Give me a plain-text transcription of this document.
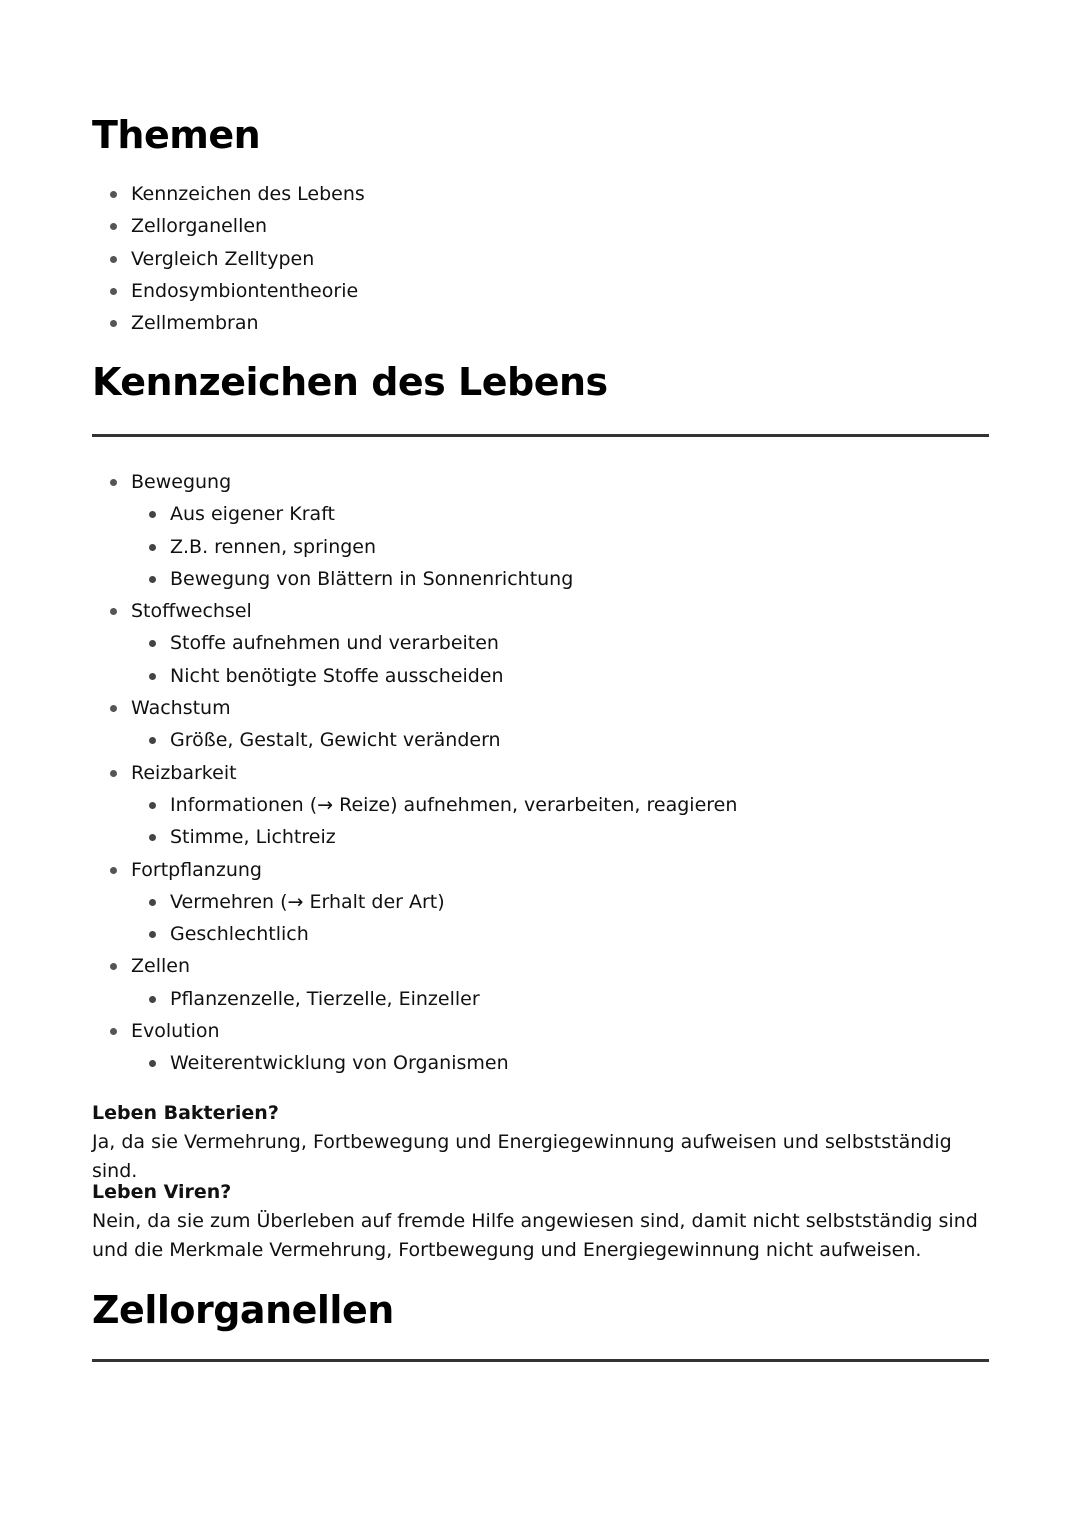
Themen
Kennzeichen des Lebens
Zellorganellen
Vergleich Zelltypen
Endosymbiontentheorie
Zellmembran
Kennzeichen des Lebens
Bewegung
Aus eigener Kraft
Z.B. rennen, springen
Bewegung von Blättern in Sonnenrichtung
Stoffwechsel
Stoffe aufnehmen und verarbeiten
Nicht benötigte Stoffe ausscheiden
Wachstum
Größe, Gestalt, Gewicht verändern
Reizbarkeit
Informationen (→ Reize) aufnehmen, verarbeiten, reagieren
Stimme, Lichtreiz
Fortpflanzung
Vermehren (→ Erhalt der Art)
Geschlechtlich
Zellen
Pflanzenzelle, Tierzelle, Einzeller
Evolution
Weiterentwicklung von Organismen
Leben Bakterien?
Ja, da sie Vermehrung, Fortbewegung und Energiegewinnung aufweisen und selbstständig sind.
Leben Viren?
Nein, da sie zum Überleben auf fremde Hilfe angewiesen sind, damit nicht selbstständig sind und die Merkmale Vermehrung, Fortbewegung und Energiegewinnung nicht aufweisen.
Zellorganellen
